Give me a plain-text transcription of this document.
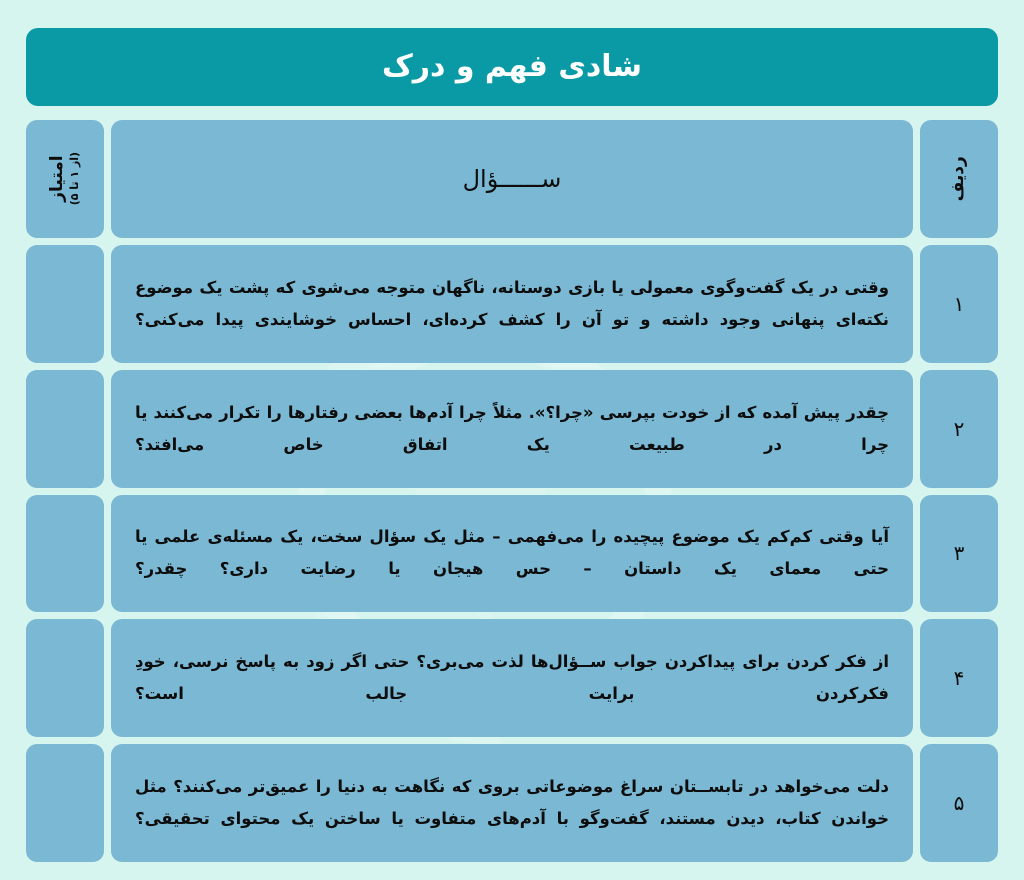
شادی فهم و درک
ردیف
ســــــؤال
امتیاز
(از ۱ تا ۵)
۱
وقتی در یک گفت‌وگوی معمولی یا بازی دوستانه، ناگهان متوجه می‌شوی که پشت یک موضوع نکته‌ای پنهانی وجود داشته و تو آن را کشف کرده‌ای، احساس خوشایندی پیدا می‌کنی؟
۲
چقدر پیش آمده که از خودت بپرسی «چرا؟». مثلاً چرا آدم‌ها بعضی رفتارها را تکرار می‌کنند یا چرا در طبیعت یک اتفاق خاص می‌افتد؟
۳
آیا وقتی کم‌کم یک موضوع پیچیده را می‌فهمی – مثل یک سؤال سخت، یک مسئله‌ی علمی یا حتی معمای یک داستان – حس هیجان یا رضایت داری؟ چقدر؟
۴
از فکر کردن برای پیداکردن جواب ســؤال‌ها لذت می‌بری؟ حتی اگر زود به پاسخ نرسی، خودِ فکرکردن برایت جالب است؟
۵
دلت می‌خواهد در تابســتان سراغ موضوعاتی بروی که نگاهت به دنیا را عمیق‌تر می‌کنند؟ مثل خواندن کتاب، دیدن مستند، گفت‌وگو با آدم‌های متفاوت یا ساختن یک محتوای تحقیقی؟
